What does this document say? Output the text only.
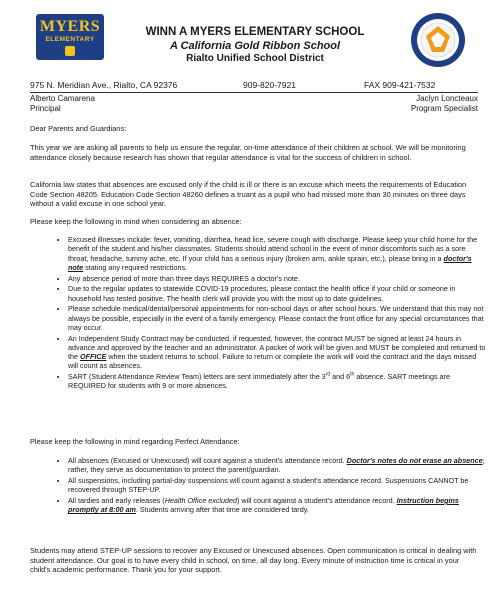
MYERS
ELEMENTARY
WINN A MYERS ELEMENTARY SCHOOL
A California Gold Ribbon School
Rialto Unified School District
975 N. Meridian Ave., Rialto, CA 92376	909-820-7921	FAX 909-421-7532
Alberto Camarena
Principal
Jaclyn Loncteaux
Program Specialist
Dear Parents and Guardians:
This year we are asking all parents to help us ensure the regular, on-time attendance of their children at school. We will be monitoring attendance closely because research has shown that regular attendance is vital for the success of children in school.
California law states that absences are excused only if the child is ill or there is an excuse which meets the requirements of Education Code Section 48205. Education Code Section 48260 defines a truant as a pupil who had missed more than 30 minutes on three days without a valid excuse in one school year.
Please keep the following in mind when considering an absence:
• Excused illnesses include: fever, vomiting, diarrhea, head lice, severe cough with discharge. Please keep your child home for the benefit of the student and his/her classmates. Students should attend school in the event of minor discomforts such as a sore throat, headache, tummy ache, etc. If your child has a serious injury (broken arm, ankle sprain, etc.), please bring in a doctor's note stating any required restrictions.
• Any absence period of more than three days REQUIRES a doctor's note.
• Due to the regular updates to statewide COVID-19 procedures, please contact the health office if your child or someone in household has tested positive. The health clerk will provide you with the most up to date guidelines.
• Please schedule medical/dental/personal appointments for non-school days or after school hours. We understand that this may not always be possible, especially in the event of a family emergency. Please contact the front office for any special circumstances that may occur.
• An Independent Study Contract may be conducted, if requested, however, the contract MUST be signed at least 24 hours in advance and approved by the teacher and an administrator. A packet of work will be given and MUST be completed and returned to the OFFICE when the student returns to school. Failure to return or complete the work will void the contract and the days missed will count as absences.
• SART (Student Attendance Review Team) letters are sent immediately after the 3rd and 6th absence. SART meetings are REQUIRED for students with 9 or more absences.
Please keep the following in mind regarding Perfect Attendance:
• All absences (Excused or Unexcused) will count against a student's attendance record. Doctor's notes do not erase an absence; rather, they serve as documentation to protect the parent/guardian.
• All suspensions, including partial-day suspensions will count against a student's attendance record. Suspensions CANNOT be recovered through STEP-UP.
• All tardies and early releases (Health Office excluded) will count against a student's attendance record. Instruction begins promptly at 8:00 am. Students arriving after that time are considered tardy.
Students may attend STEP-UP sessions to recover any Excused or Unexcused absences. Open communication is critical in dealing with student attendance. Our goal is to have every child in school, on time, all day long. Every minute of instruction time is critical in your child's academic performance. Thank you for your support.
